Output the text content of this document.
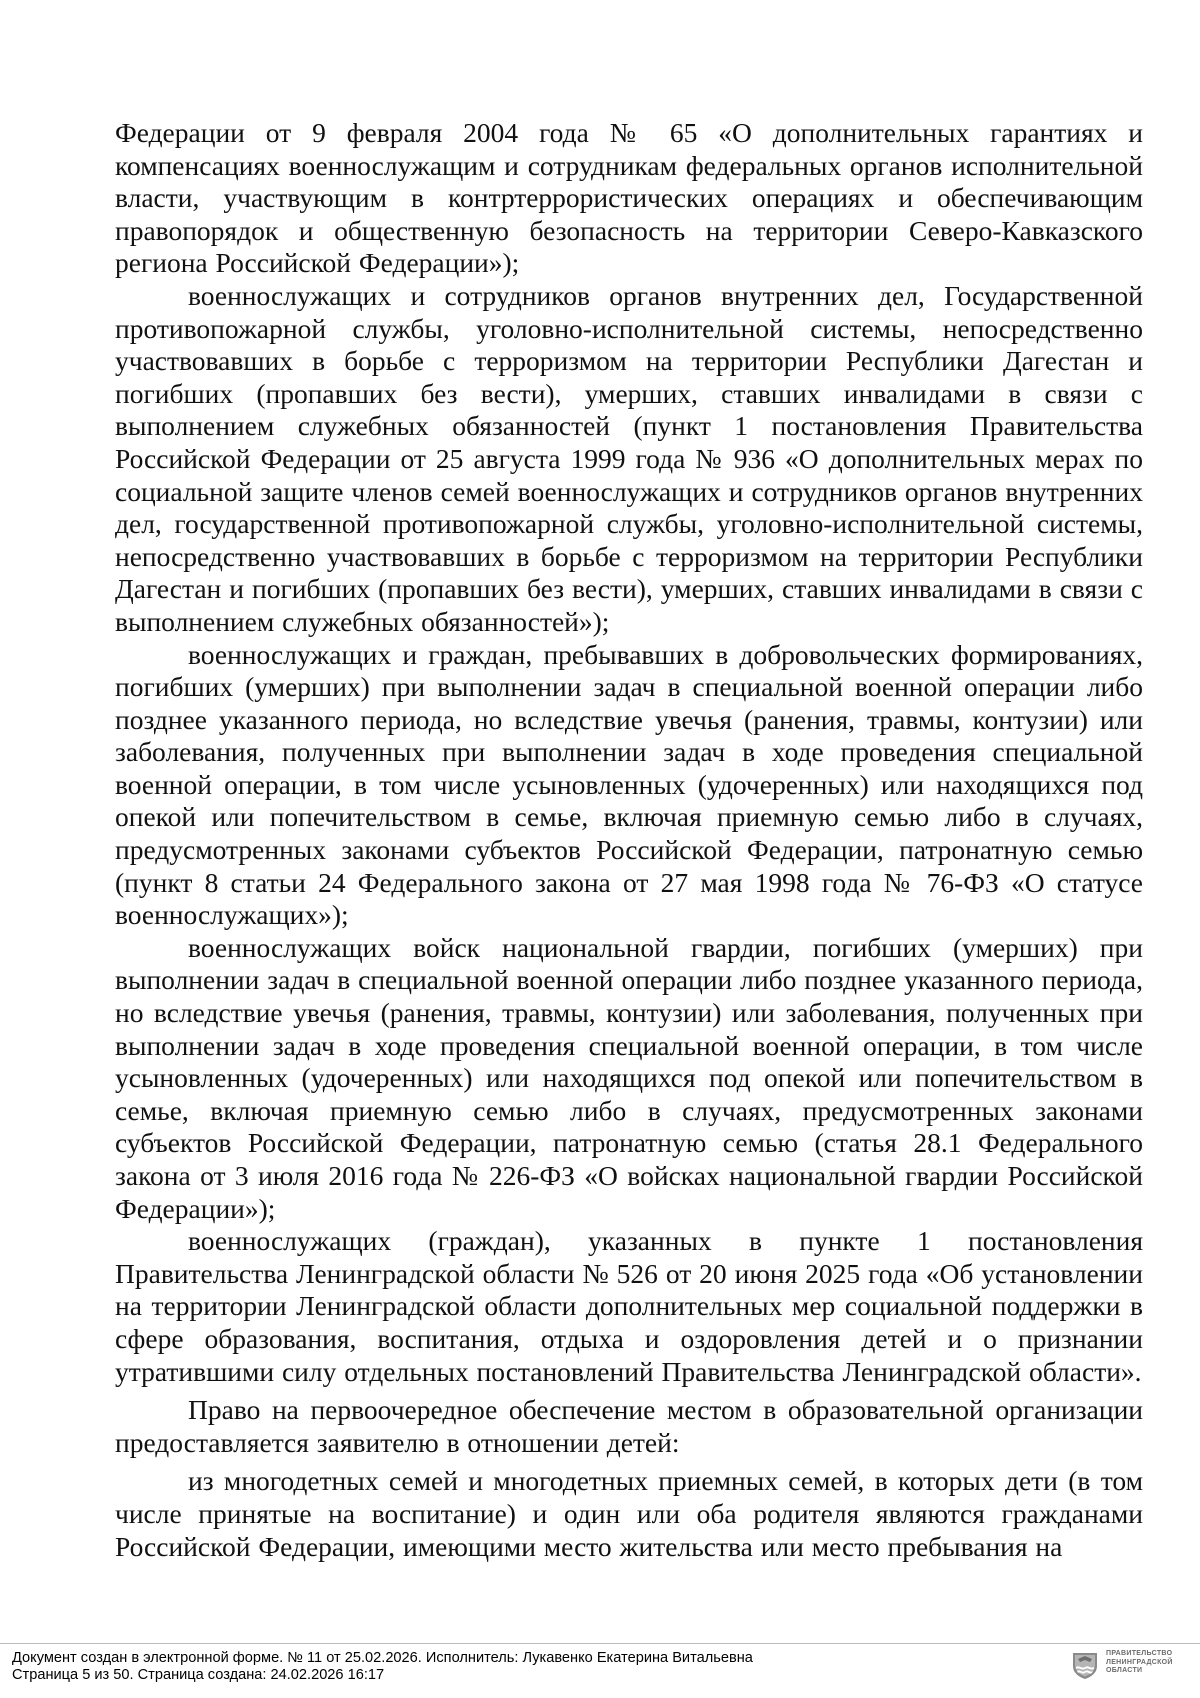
Федерации от 9 февраля 2004 года № 65 «О дополнительных гарантиях и компенсациях военнослужащим и сотрудникам федеральных органов исполнительной власти, участвующим в контртеррористических операциях и обеспечивающим правопорядок и общественную безопасность на территории Северо-Кавказского региона Российской Федерации»);

военнослужащих и сотрудников органов внутренних дел, Государственной противопожарной службы, уголовно-исполнительной системы, непосредственно участвовавших в борьбе с терроризмом на территории Республики Дагестан и погибших (пропавших без вести), умерших, ставших инвалидами в связи с выполнением служебных обязанностей (пункт 1 постановления Правительства Российской Федерации от 25 августа 1999 года № 936 «О дополнительных мерах по социальной защите членов семей военнослужащих и сотрудников органов внутренних дел, государственной противопожарной службы, уголовно-исполнительной системы, непосредственно участвовавших в борьбе с терроризмом на территории Республики Дагестан и погибших (пропавших без вести), умерших, ставших инвалидами в связи с выполнением служебных обязанностей»);

военнослужащих и граждан, пребывавших в добровольческих формированиях, погибших (умерших) при выполнении задач в специальной военной операции либо позднее указанного периода, но вследствие увечья (ранения, травмы, контузии) или заболевания, полученных при выполнении задач в ходе проведения специальной военной операции, в том числе усыновленных (удочеренных) или находящихся под опекой или попечительством в семье, включая приемную семью либо в случаях, предусмотренных законами субъектов Российской Федерации, патронатную семью (пункт 8 статьи 24 Федерального закона от 27 мая 1998 года № 76-ФЗ «О статусе военнослужащих»);

военнослужащих войск национальной гвардии, погибших (умерших) при выполнении задач в специальной военной операции либо позднее указанного периода, но вследствие увечья (ранения, травмы, контузии) или заболевания, полученных при выполнении задач в ходе проведения специальной военной операции, в том числе усыновленных (удочеренных) или находящихся под опекой или попечительством в семье, включая приемную семью либо в случаях, предусмотренных законами субъектов Российской Федерации, патронатную семью (статья 28.1 Федерального закона от 3 июля 2016 года № 226-ФЗ «О войсках национальной гвардии Российской Федерации»);

военнослужащих (граждан), указанных в пункте 1 постановления Правительства Ленинградской области № 526 от 20 июня 2025 года «Об установлении на территории Ленинградской области дополнительных мер социальной поддержки в сфере образования, воспитания, отдыха и оздоровления детей и о признании утратившими силу отдельных постановлений Правительства Ленинградской области».

Право на первоочередное обеспечение местом в образовательной организации предоставляется заявителю в отношении детей:

из многодетных семей и многодетных приемных семей, в которых дети (в том числе принятые на воспитание) и один или оба родителя являются гражданами Российской Федерации, имеющими место жительства или место пребывания на

Документ создан в электронной форме. № 11 от 25.02.2026. Исполнитель: Лукавенко Екатерина Витальевна
Страница 5 из 50. Страница создана: 24.02.2026 16:17
ПРАВИТЕЛЬСТВО
ЛЕНИНГРАДСКОЙ
ОБЛАСТИ
